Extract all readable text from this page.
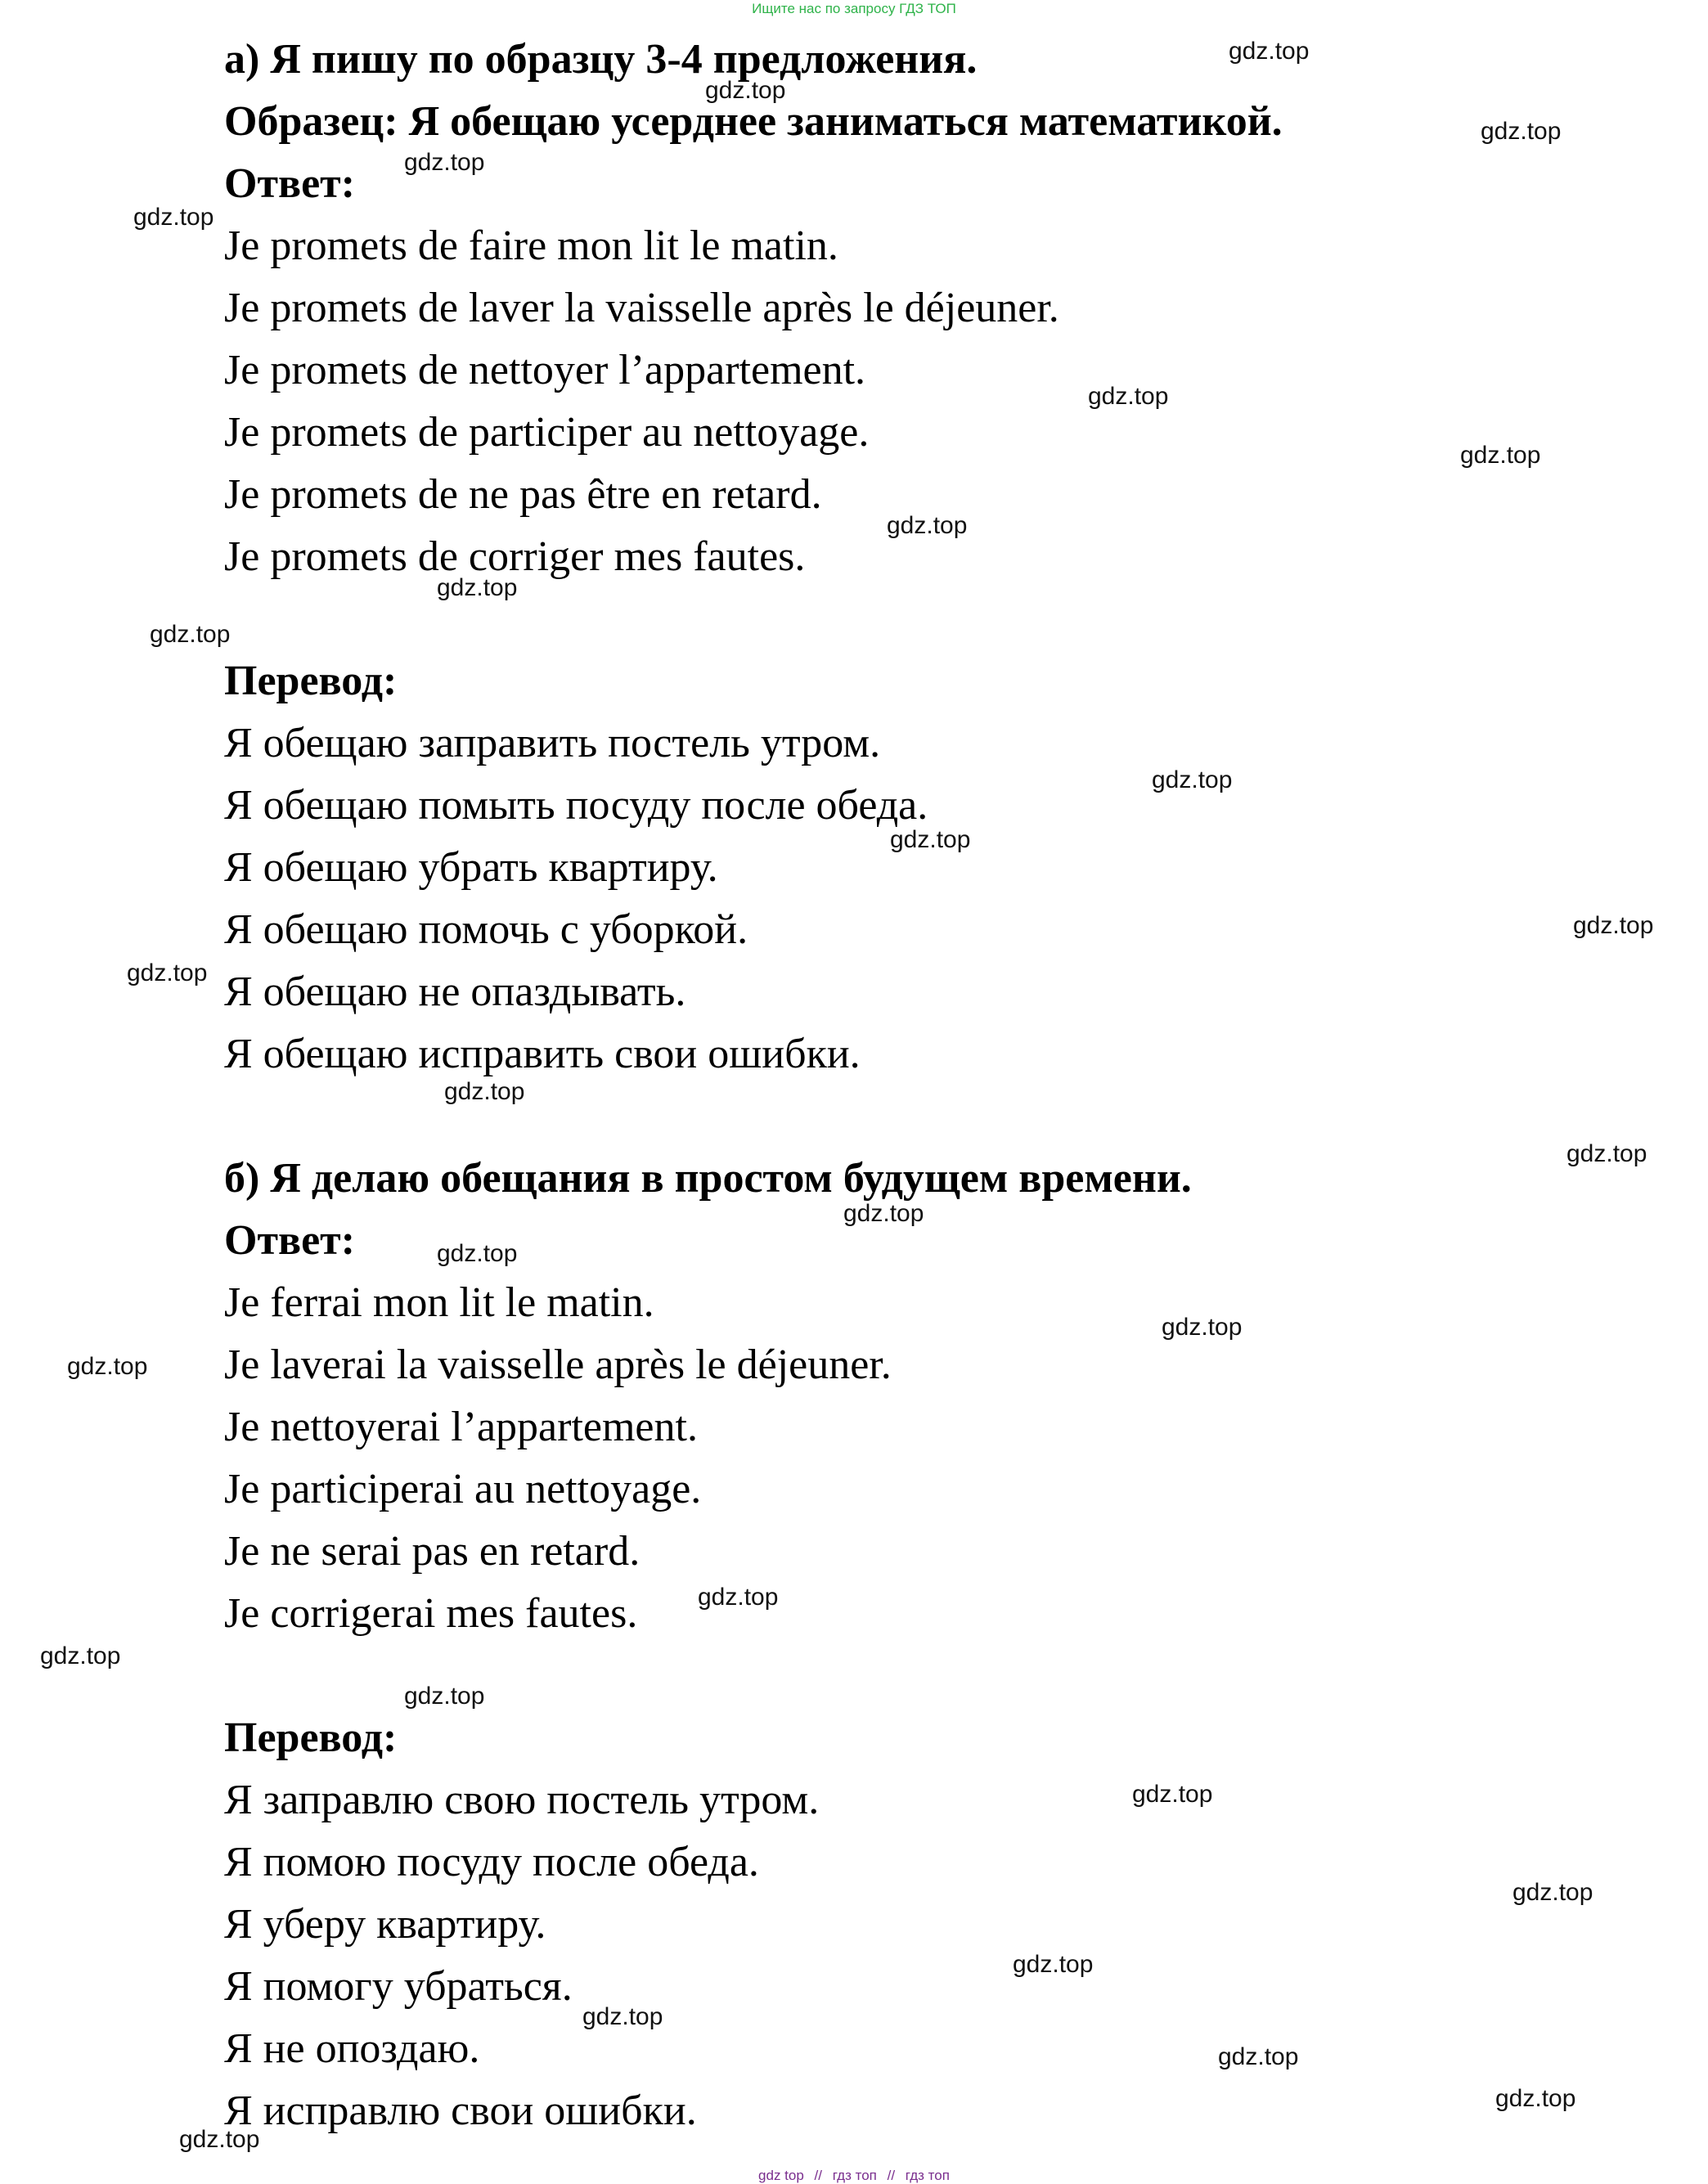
Ищите нас по запросу ГДЗ ТОП
а) Я пишу по образцу 3-4 предложения.
Образец: Я обещаю усерднее заниматься математикой.
Ответ:
Je promets de faire mon lit le matin.
Je promets de laver la vaisselle après le déjeuner.
Je promets de nettoyer l’appartement.
Je promets de participer au nettoyage.
Je promets de ne pas être en retard.
Je promets de corriger mes fautes.
Перевод:
Я обещаю заправить постель утром.
Я обещаю помыть посуду после обеда.
Я обещаю убрать квартиру.
Я обещаю помочь с уборкой.
Я обещаю не опаздывать.
Я обещаю исправить свои ошибки.
б) Я делаю обещания в простом будущем времени.
Ответ:
Je ferrai mon lit le matin.
Je laverai la vaisselle après le déjeuner.
Je nettoyerai l’appartement.
Je participerai au nettoyage.
Je ne serai pas en retard.
Je corrigerai mes fautes.
Перевод:
Я заправлю свою постель утром.
Я помою посуду после обеда.
Я уберу квартиру.
Я помогу убраться.
Я не опоздаю.
Я исправлю свои ошибки.
gdz.top
gdz.top
gdz.top
gdz.top
gdz.top
gdz.top
gdz.top
gdz.top
gdz.top
gdz.top
gdz.top
gdz.top
gdz.top
gdz.top
gdz.top
gdz.top
gdz.top
gdz.top
gdz.top
gdz.top
gdz.top
gdz.top
gdz.top
gdz.top
gdz.top
gdz.top
gdz.top
gdz.top
gdz.top
gdz.top
gdz top // гдз топ // гдз топ
